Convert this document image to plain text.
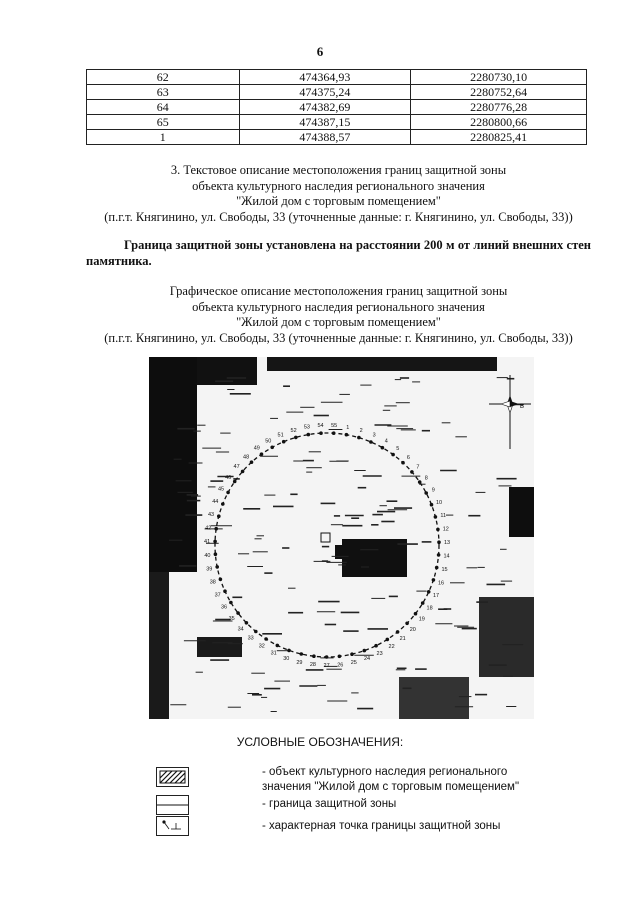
6
62	474364,93	2280730,10
63	474375,24	2280752,64
64	474382,69	2280776,28
65	474387,15	2280800,66
1	474388,57	2280825,41
3. Текстовое описание местоположения границ защитной зоны
объекта культурного наследия регионального значения
"Жилой дом с торговым помещением"
(п.г.т. Княгинино, ул. Свободы, 33 (уточненные данные: г. Княгинино, ул. Свободы, 33))
Граница защитной зоны установлена на расстоянии 200 м от линий внешних стен памятника.
Графическое описание местоположения границ защитной зоны
объекта культурного наследия регионального значения
"Жилой дом с торговым помещением"
(п.г.т. Княгинино, ул. Свободы, 33 (уточненные данные: г. Княгинино, ул. Свободы, 33))
1
2
3
4
5
6
7
8
9
10
11
12
13
14
15
16
17
18
19
20
21
22
23
24
25
26
27
28
29
30
31
32
33
34
35
36
37
38
39
40
41
42
43
44
45
46
47
48
49
50
51
52
53 54 55
В
УСЛОВНЫЕ ОБОЗНАЧЕНИЯ:
- объект культурного наследия регионального
значения "Жилой дом с торговым помещением"
- граница защитной зоны
- характерная точка границы защитной зоны
